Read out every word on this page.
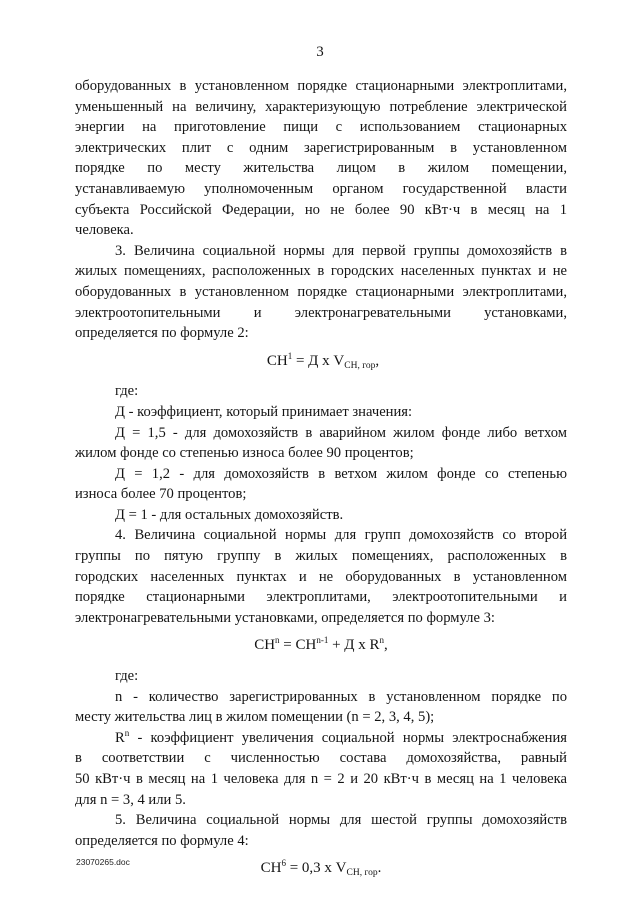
3

оборудованных в установленном порядке стационарными электроплитами,

уменьшенный на величину, характеризующую потребление электрической

энергии на приготовление пищи с использованием стационарных

электрических плит с одним зарегистрированным в установленном

порядке по месту жительства лицом в жилом помещении,

устанавливаемую уполномоченным органом государственной власти

субъекта Российской Федерации, но не более 90 кВт·ч в месяц на 1

человека.

3. Величина социальной нормы для первой группы домохозяйств в

жилых помещениях, расположенных в городских населенных пунктах и не

оборудованных в установленном порядке стационарными электроплитами,

электроотопительными и электронагревательными установками,

определяется по формуле 2:

$СН^1 = Д$ х $V_{СН, гор}$,

где:

Д - коэффициент, который принимает значения:

Д = 1,5 - для домохозяйств в аварийном жилом фонде либо ветхом

жилом фонде со степенью износа более 90 процентов;

Д = 1,2 - для домохозяйств в ветхом жилом фонде со степенью

износа более 70 процентов;

Д = 1 - для остальных домохозяйств.

4. Величина социальной нормы для групп домохозяйств со второй

группы по пятую группу в жилых помещениях, расположенных в

городских населенных пунктах и не оборудованных в установленном

порядке стационарными электроплитами, электроотопительными и

электронагревательными установками, определяется по формуле 3:

$СН^n = СН^{n-1} + Д$ х $R^n$,

где:

n - количество зарегистрированных в установленном порядке по

месту жительства лиц в жилом помещении (n = 2, 3, 4, 5);

$R^n$ - коэффициент увеличения социальной нормы электроснабжения

в соответствии с численностью состава домохозяйства, равный

50 кВт·ч в месяц на 1 человека для n = 2 и 20 кВт·ч в месяц на 1 человека

для n = 3, 4 или 5.

5. Величина социальной нормы для шестой группы домохозяйств

определяется по формуле 4:

$СН^6 = 0,3$ х $V_{СН, гор}$.
23070265.doc
